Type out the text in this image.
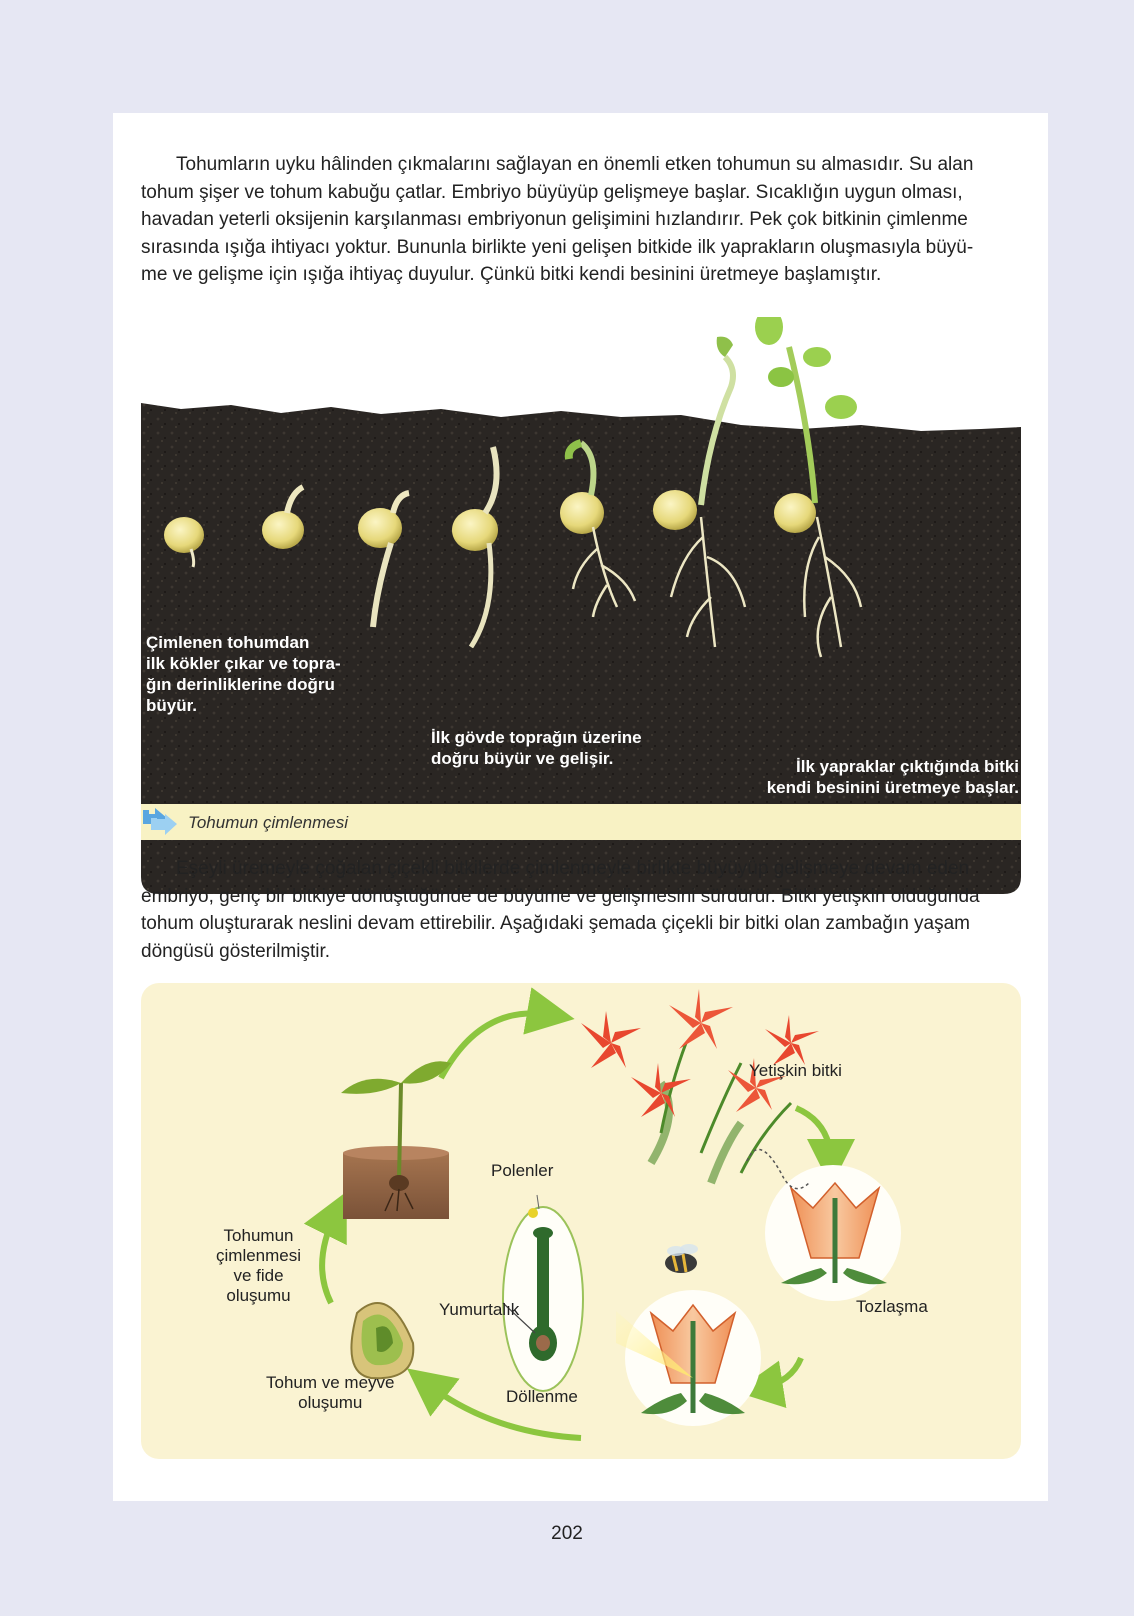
Tohumların uyku hâlinden çıkmalarını sağlayan en önemli etken tohumun su almasıdır. Su alan
tohum şişer ve tohum kabuğu çatlar. Embriyo büyüyüp gelişmeye başlar. Sıcaklığın uygun olması,
havadan yeterli oksijenin karşılanması embriyonun gelişimini hızlandırır. Pek çok bitkinin çimlenme
sırasında ışığa ihtiyacı yoktur. Bununla birlikte yeni gelişen bitkide ilk yaprakların oluşmasıyla büyü-
me ve gelişme için ışığa ihtiyaç duyulur. Çünkü bitki kendi besinini üretmeye başlamıştır.

Çimlenen tohumdan
ilk kökler çıkar ve topra-
ğın derinliklerine doğru
büyür.

İlk gövde toprağın üzerine
doğru büyür ve gelişir.	İlk yapraklar çıktığında bitki
kendi besinini üretmeye başlar.

Tohumun çimlenmesi

Eşeyli üremeyle çoğalan çiçekli bitkilerde çimlenmeyle birlikte büyüyüp gelişmeye devam eden
embriyo, genç bir bitkiye dönüştüğünde de büyüme ve gelişmesini sürdürür. Bitki yetişkin olduğunda
tohum oluşturarak neslini devam ettirebilir. Aşağıdaki şemada çiçekli bir bitki olan zambağın yaşam
döngüsü gösterilmiştir.

Yetişkin bitki
Polenler
Tozlaşma
Yumurtalık
Döllenme

Tohum ve meyve
oluşumu

Tohumun
çimlenmesi
ve fide
oluşumu

202
